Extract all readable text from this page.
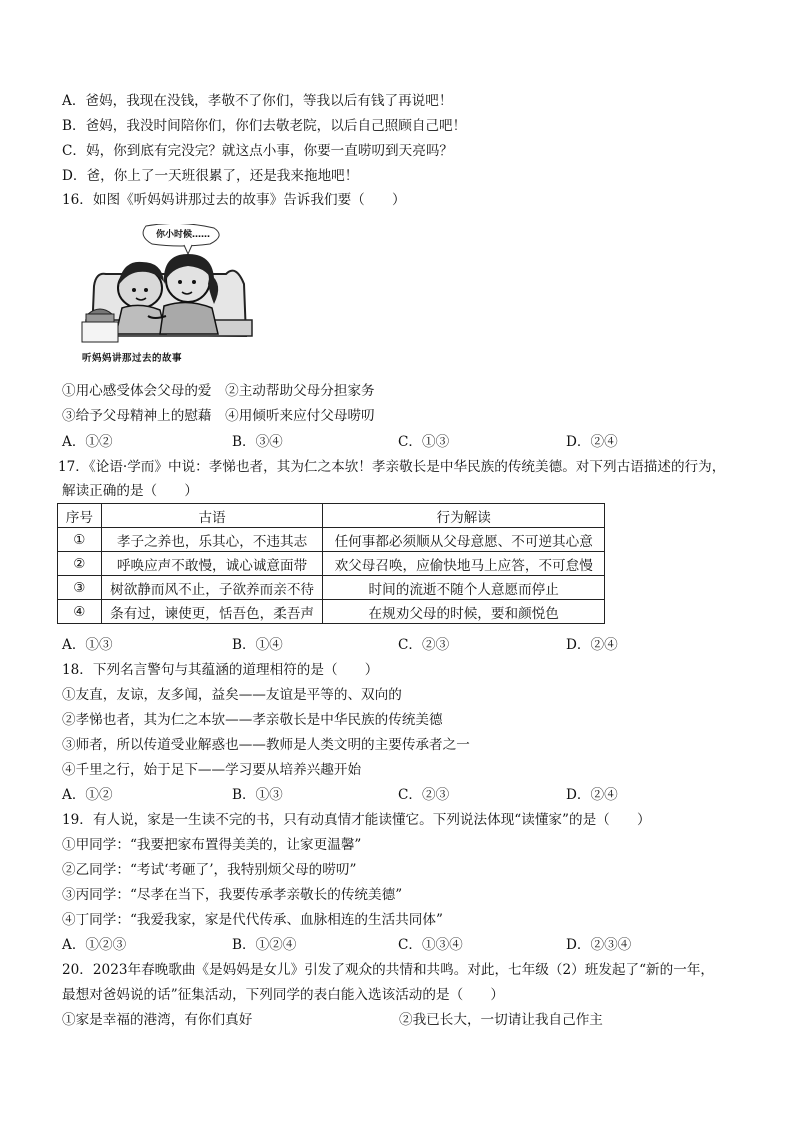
A．爸妈，我现在没钱，孝敬不了你们，等我以后有钱了再说吧！
B．爸妈，我没时间陪你们，你们去敬老院，以后自己照顾自己吧！
C．妈，你到底有完没完？就这点小事，你要一直唠叨到天亮吗？
D．爸，你上了一天班很累了，还是我来拖地吧！
16．如图《听妈妈讲那过去的故事》告诉我们要（　　）
你小时候……
听妈妈讲那过去的故事
①用心感受体会父母的爱　②主动帮助父母分担家务
③给予父母精神上的慰藉　④用倾听来应付父母唠叨
A．①②	B．③④	C．①③	D．②④
17．《论语·学而》中说：孝悌也者，其为仁之本欤！孝亲敬长是中华民族的传统美德。对下列古语描述的行为，
解读正确的是（　　）
序号	古语	行为解读
①	孝子之养也，乐其心，不违其志	任何事都必须顺从父母意愿、不可逆其心意
②	呼唤应声不敢慢，诚心诚意面带	欢父母召唤，应偷快地马上应答，不可怠慢
③	树欲静而风不止，子欲养而亲不待	时间的流逝不随个人意愿而停止
④	条有过，谏使更，恬吾色，柔吾声	在规劝父母的时候，要和颜悦色
A．①③	B．①④	C．②③	D．②④
18．下列名言警句与其蕴涵的道理相符的是（　　）
①友直，友谅，友多闻，益矣——友谊是平等的、双向的
②孝悌也者，其为仁之本欤——孝亲敬长是中华民族的传统美德
③师者，所以传道受业解惑也——教师是人类文明的主要传承者之一
④千里之行，始于足下——学习要从培养兴趣开始
A．①②	B．①③	C．②③	D．②④
19．有人说，家是一生读不完的书，只有动真情才能读懂它。下列说法体现“读懂家”的是（　　）
①甲同学：“我要把家布置得美美的，让家更温馨”
②乙同学：“考试‘考砸了’，我特别烦父母的唠叨”
③丙同学：“尽孝在当下，我要传承孝亲敬长的传统美德”
④丁同学：“我爱我家，家是代代传承、血脉相连的生活共同体”
A．①②③	B．①②④	C．①③④	D．②③④
20．2023年春晚歌曲《是妈妈是女儿》引发了观众的共情和共鸣。对此，七年级（2）班发起了“新的一年，
最想对爸妈说的话”征集活动，下列同学的表白能入选该活动的是（　　）
①家是幸福的港湾，有你们真好	②我已长大，一切请让我自己作主
